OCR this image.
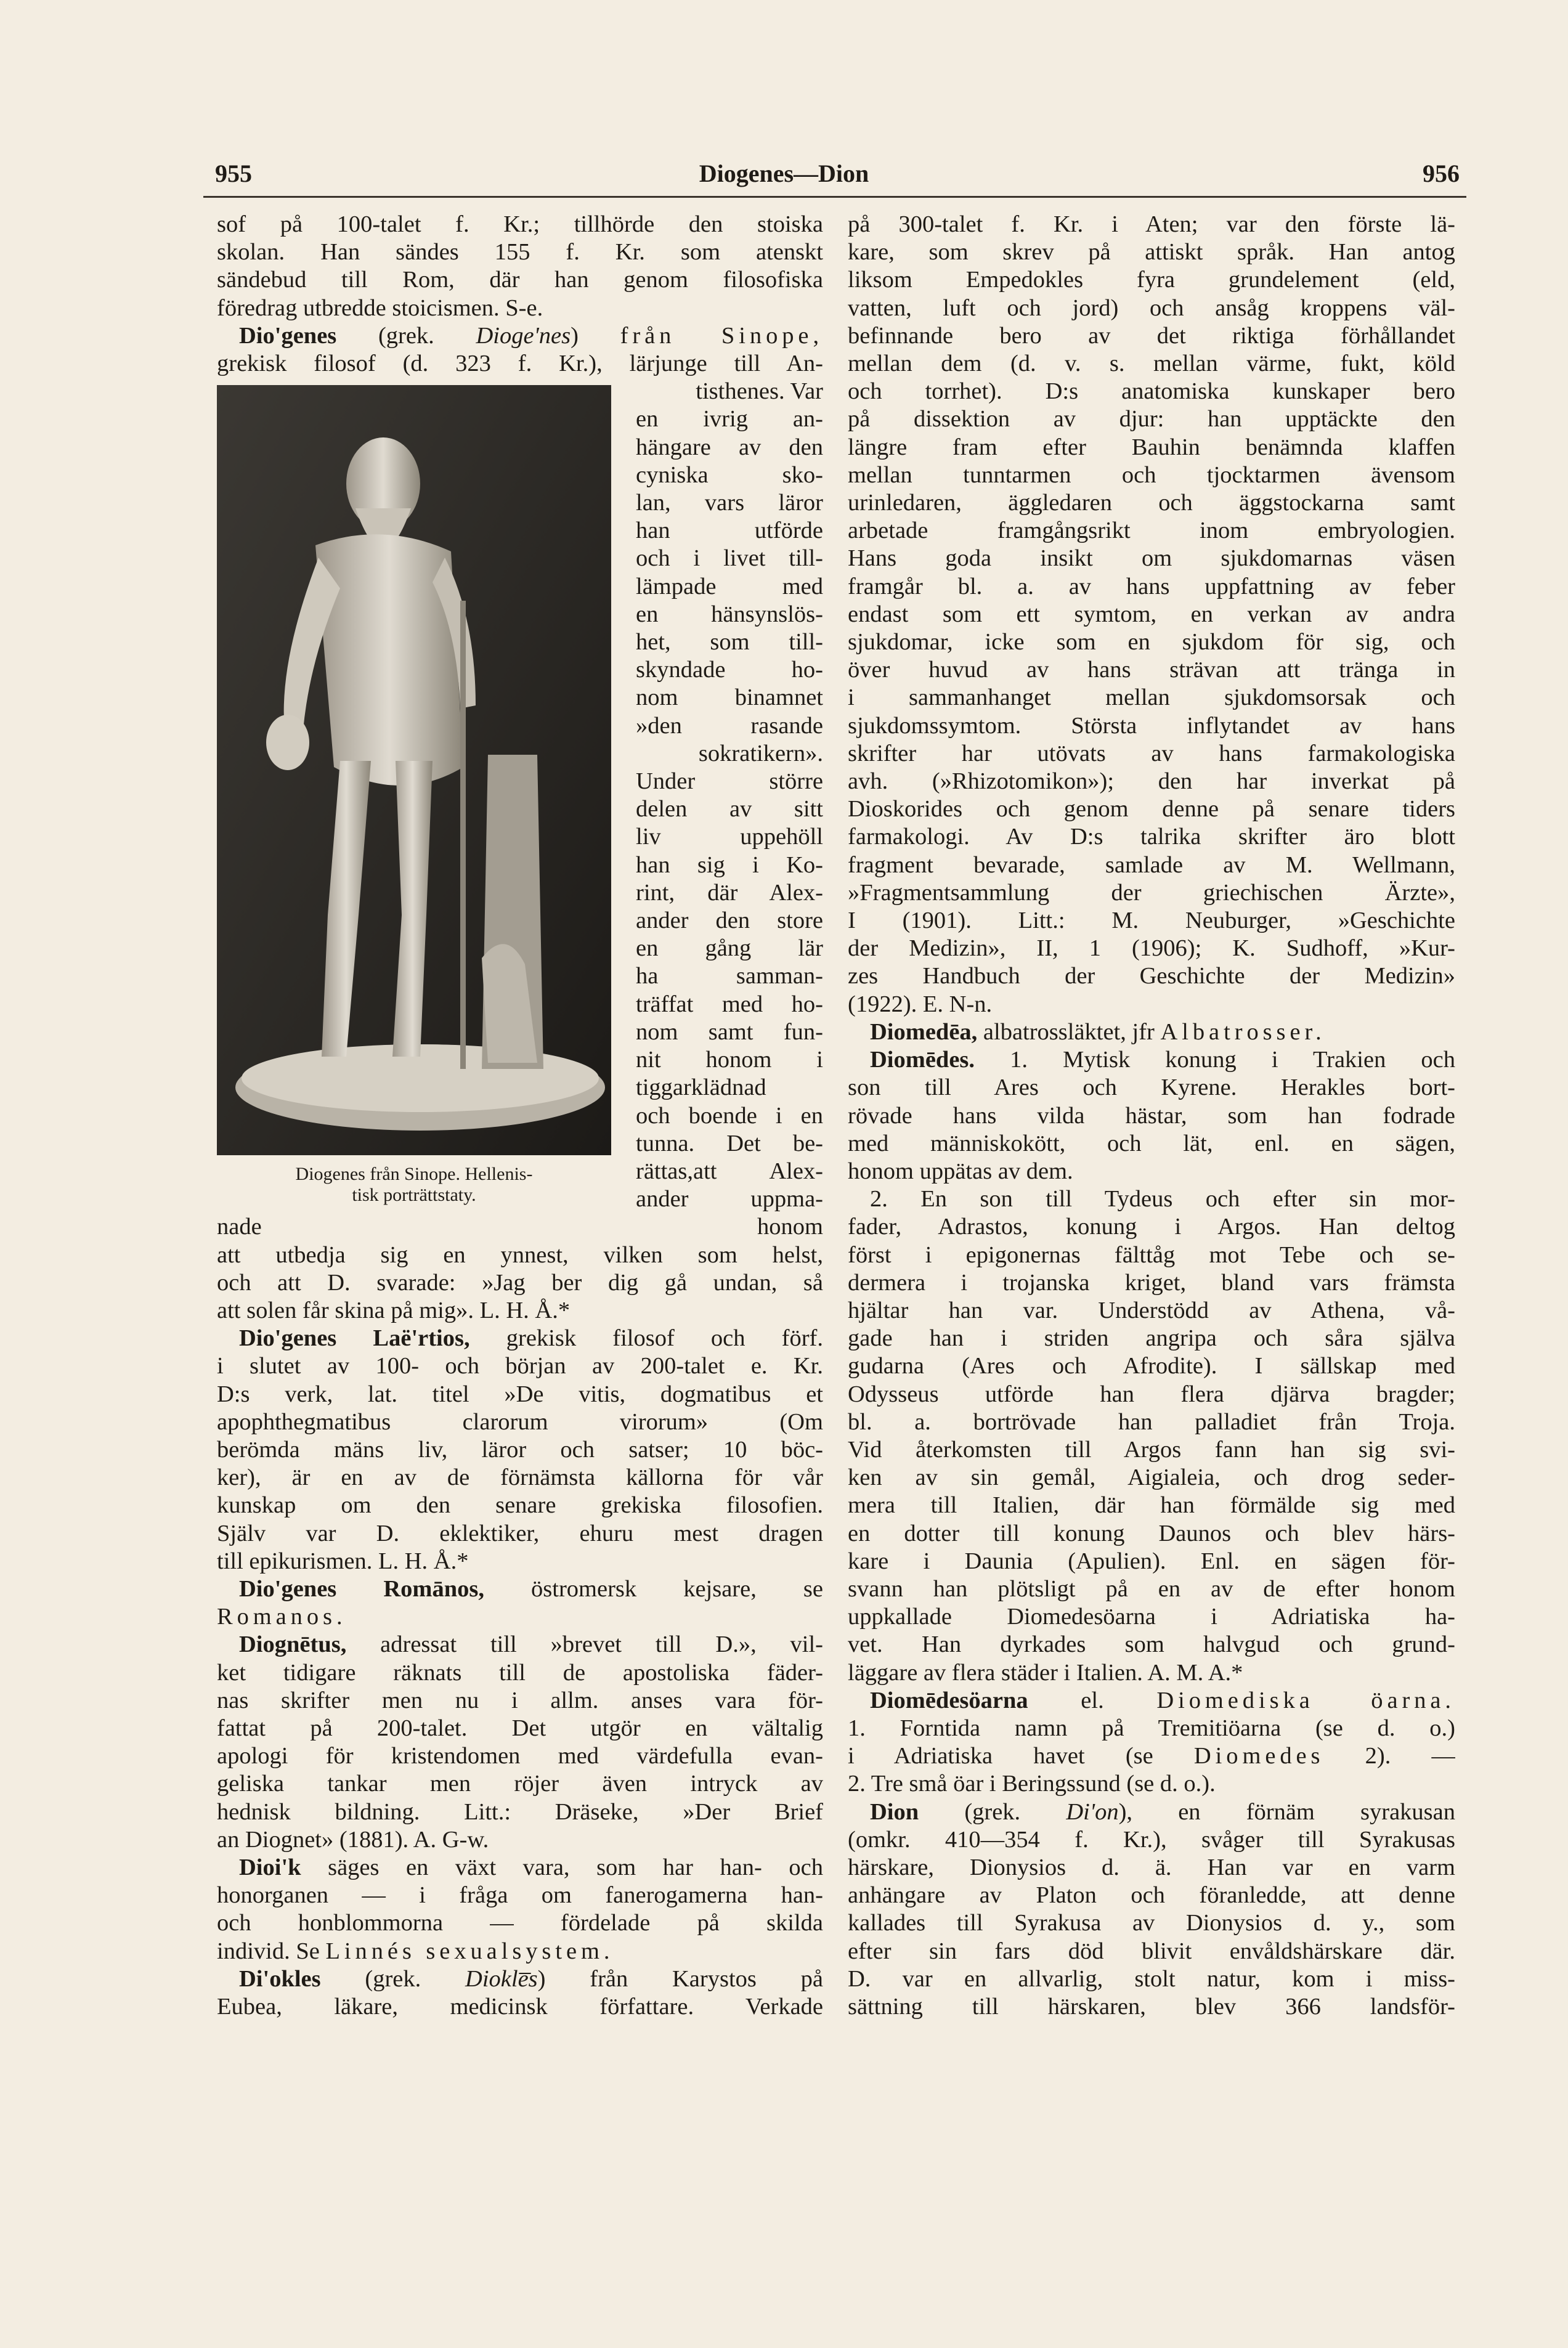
955	Diogenes—Dion	956
sof på 100-talet f. Kr.; tillhörde den stoiska
skolan. Han sändes 155 f. Kr. som atenskt
sändebud till Rom, där han genom filosofiska
föredrag utbredde stoicismen. S-e.
Dio'genes (grek. Dioge'nes) från Sinope,
grekisk filosof (d. 323 f. Kr.), lärjunge till An-
Diogenes från Sinope. Hellenis-
tisk porträttstaty.
tisthenes. Var
en ivrig an-
hängare av den
cyniska sko-
lan, vars läror
han utförde
och i livet till-
lämpade med
en hänsynslös-
het, som till-
skyndade ho-
nom binamnet
»den rasande
sokratikern».
Under större
delen av sitt
liv uppehöll
han sig i Ko-
rint, där Alex-
ander den store
en gång lär
ha samman-
träffat med ho-
nom samt fun-
nit honom i
tiggarklädnad
och boende i en
tunna. Det be-
rättas,att Alex-
ander uppma-
nade honom
att utbedja sig en ynnest, vilken som helst,
och att D. svarade: »Jag ber dig gå undan, så
att solen får skina på mig». L. H. Å.*
Dio'genes Laë'rtios, grekisk filosof och förf.
i slutet av 100- och början av 200-talet e. Kr.
D:s verk, lat. titel »De vitis, dogmatibus et
apophthegmatibus clarorum virorum» (Om
berömda mäns liv, läror och satser; 10 böc-
ker), är en av de förnämsta källorna för vår
kunskap om den senare grekiska filosofien.
Själv var D. eklektiker, ehuru mest dragen
till epikurismen. L. H. Å.*
Dio'genes Romānos, östromersk kejsare, se
Romanos.
Diognētus, adressat till »brevet till D.», vil-
ket tidigare räknats till de apostoliska fäder-
nas skrifter men nu i allm. anses vara för-
fattat på 200-talet. Det utgör en vältalig
apologi för kristendomen med värdefulla evan-
geliska tankar men röjer även intryck av
hednisk bildning. Litt.: Dräseke, »Der Brief
an Diognet» (1881). A. G-w.
Dioi'k säges en växt vara, som har han- och
honorganen — i fråga om fanerogamerna han-
och honblommorna — fördelade på skilda
individ. Se Linnés sexualsystem.
Di'okles (grek. Diokle̅s) från Karystos på
Eubea, läkare, medicinsk författare. Verkade
på 300-talet f. Kr. i Aten; var den förste lä-
kare, som skrev på attiskt språk. Han antog
liksom Empedokles fyra grundelement (eld,
vatten, luft och jord) och ansåg kroppens väl-
befinnande bero av det riktiga förhållandet
mellan dem (d. v. s. mellan värme, fukt, köld
och torrhet). D:s anatomiska kunskaper bero
på dissektion av djur: han upptäckte den
längre fram efter Bauhin benämnda klaffen
mellan tunntarmen och tjocktarmen ävensom
urinledaren, äggledaren och äggstockarna samt
arbetade framgångsrikt inom embryologien.
Hans goda insikt om sjukdomarnas väsen
framgår bl. a. av hans uppfattning av feber
endast som ett symtom, en verkan av andra
sjukdomar, icke som en sjukdom för sig, och
över huvud av hans strävan att tränga in
i sammanhanget mellan sjukdomsorsak och
sjukdomssymtom. Största inflytandet av hans
skrifter har utövats av hans farmakologiska
avh. (»Rhizotomikon»); den har inverkat på
Dioskorides och genom denne på senare tiders
farmakologi. Av D:s talrika skrifter äro blott
fragment bevarade, samlade av M. Wellmann,
»Fragmentsammlung der griechischen Ärzte»,
I (1901). Litt.: M. Neuburger, »Geschichte
der Medizin», II, 1 (1906); K. Sudhoff, »Kur-
zes Handbuch der Geschichte der Medizin»
(1922). E. N-n.
Diomedēa, albatrossläktet, jfr Albatrosser.
Diomēdes. 1. Mytisk konung i Trakien och
son till Ares och Kyrene. Herakles bort-
rövade hans vilda hästar, som han fodrade
med människokött, och lät, enl. en sägen,
honom uppätas av dem.
2. En son till Tydeus och efter sin mor-
fader, Adrastos, konung i Argos. Han deltog
först i epigonernas fälttåg mot Tebe och se-
dermera i trojanska kriget, bland vars främsta
hjältar han var. Understödd av Athena, vå-
gade han i striden angripa och såra själva
gudarna (Ares och Afrodite). I sällskap med
Odysseus utförde han flera djärva bragder;
bl. a. bortrövade han palladiet från Troja.
Vid återkomsten till Argos fann han sig svi-
ken av sin gemål, Aigialeia, och drog seder-
mera till Italien, där han förmälde sig med
en dotter till konung Daunos och blev härs-
kare i Daunia (Apulien). Enl. en sägen för-
svann han plötsligt på en av de efter honom
uppkallade Diomedesöarna i Adriatiska ha-
vet. Han dyrkades som halvgud och grund-
läggare av flera städer i Italien. A. M. A.*
Diomēdesöarna el. Diomediska öarna.
1. Forntida namn på Tremitiöarna (se d. o.)
i Adriatiska havet (se Diomedes 2). —
2. Tre små öar i Beringssund (se d. o.).
Dion (grek. Di'on), en förnäm syrakusan
(omkr. 410—354 f. Kr.), svåger till Syrakusas
härskare, Dionysios d. ä. Han var en varm
anhängare av Platon och föranledde, att denne
kallades till Syrakusa av Dionysios d. y., som
efter sin fars död blivit envåldshärskare där.
D. var en allvarlig, stolt natur, kom i miss-
sättning till härskaren, blev 366 landsför-
